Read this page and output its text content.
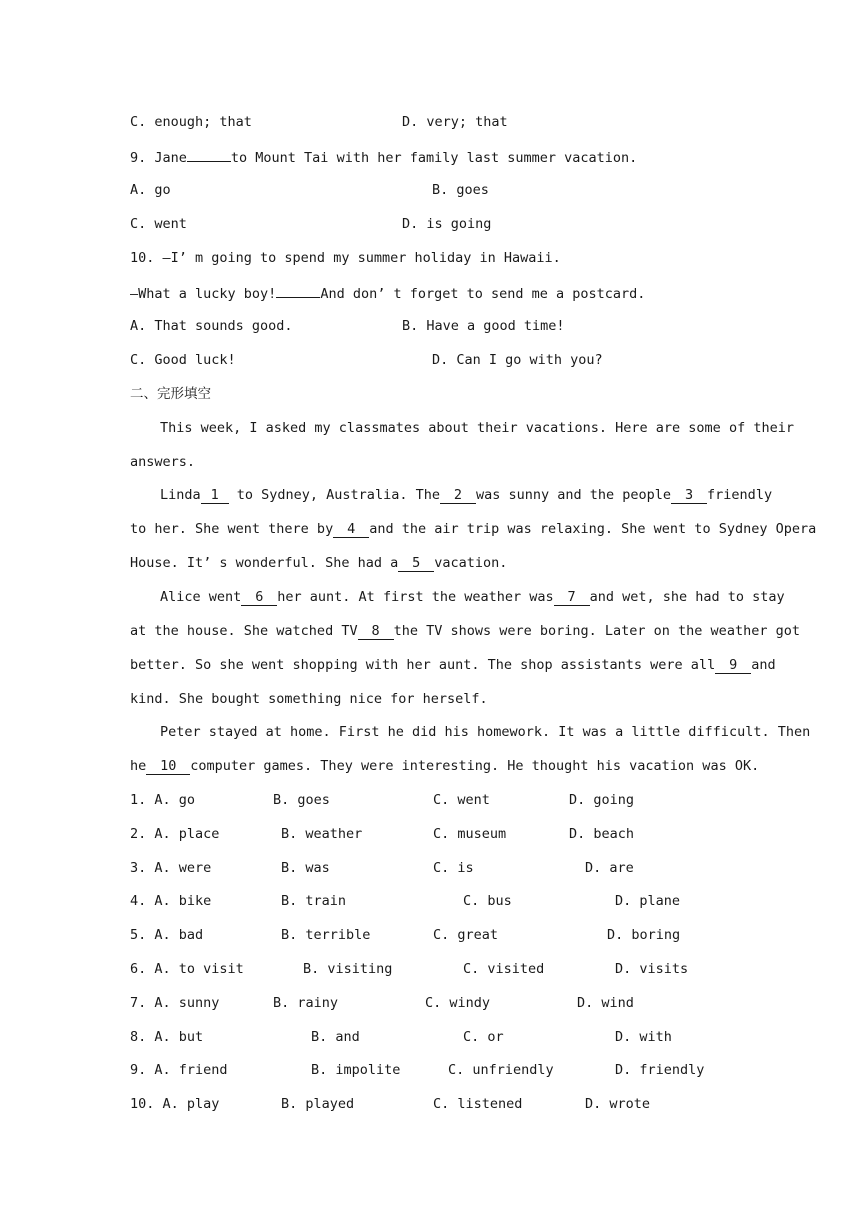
C. enough; that

	D. very; that

9. Jane	to Mount Tai with her family last summer vacation.

A. go

	B. goes

C. went

	D. is going

10. —I’ m going to spend my summer holiday in Hawaii.
—What a lucky boy!	And don’ t forget to send me a postcard.

A. That sounds good.

	B. Have a good time!

C. Good luck!

	D. Can I go with you?

二、完形填空
This week, I asked my classmates about their vacations. Here are some of their
answers.
Linda 1 to Sydney, Australia. The 2 was sunny and the people 3 friendly
to her. She went there by 4 and the air trip was relaxing. She went to Sydney Opera
House. It’ s wonderful. She had a 5 vacation.
Alice went 6 her aunt. At first the weather was 7 and wet, she had to stay
at the house. She watched TV 8 the TV shows were boring. Later on the weather got
better. So she went shopping with her aunt. The shop assistants were all 9 and
kind. She bought something nice for herself.
Peter stayed at home. First he did his homework. It was a little difficult. Then
he 10 computer games. They were interesting. He thought his vacation was OK.

1. A. go

	B. goes

	C. went

	D. going

2. A. place

	B. weather

	C. museum

	D. beach

3. A. were

	B. was

	C. is

	D. are

4. A. bike

	B. train

	C. bus

	D. plane

5. A. bad

	B. terrible

	C. great

	D. boring

6. A. to visit

	B. visiting

	C. visited

	D. visits

7. A. sunny

	B. rainy

	C. windy

	D. wind

8. A. but

	B. and

	C. or

	D. with

9. A. friend

	B. impolite

	C. unfriendly

	D. friendly

10. A. play

	B. played

	C. listened

	D. wrote
